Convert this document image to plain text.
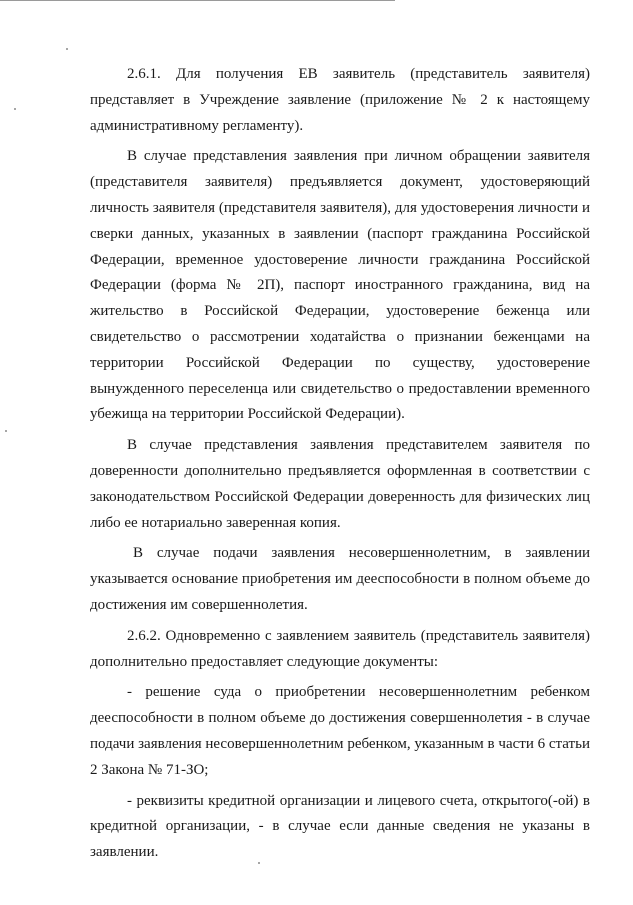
2.6.1. Для получения ЕВ заявитель (представитель заявителя) представляет в Учреждение заявление (приложение № 2 к настоящему административному регламенту).

В случае представления заявления при личном обращении заявителя (представителя заявителя) предъявляется документ, удостоверяющий личность заявителя (представителя заявителя), для удостоверения личности и сверки данных, указанных в заявлении (паспорт гражданина Российской Федерации, временное удостоверение личности гражданина Российской Федерации (форма № 2П), паспорт иностранного гражданина, вид на жительство в Российской Федерации, удостоверение беженца или свидетельство о рассмотрении ходатайства о признании беженцами на территории Российской Федерации по существу, удостоверение вынужденного переселенца или свидетельство о предоставлении временного убежища на территории Российской Федерации).

В случае представления заявления представителем заявителя по доверенности дополнительно предъявляется оформленная в соответствии с законодательством Российской Федерации доверенность для физических лиц либо ее нотариально заверенная копия.

В случае подачи заявления несовершеннолетним, в заявлении указывается основание приобретения им дееспособности в полном объеме до достижения им совершеннолетия.

2.6.2. Одновременно с заявлением заявитель (представитель заявителя) дополнительно предоставляет следующие документы:

- решение суда о приобретении несовершеннолетним ребенком дееспособности в полном объеме до достижения совершеннолетия - в случае подачи заявления несовершеннолетним ребенком, указанным в части 6 статьи 2 Закона № 71-ЗО;

- реквизиты кредитной организации и лицевого счета, открытого(-ой) в кредитной организации, - в случае если данные сведения не указаны в заявлении.
